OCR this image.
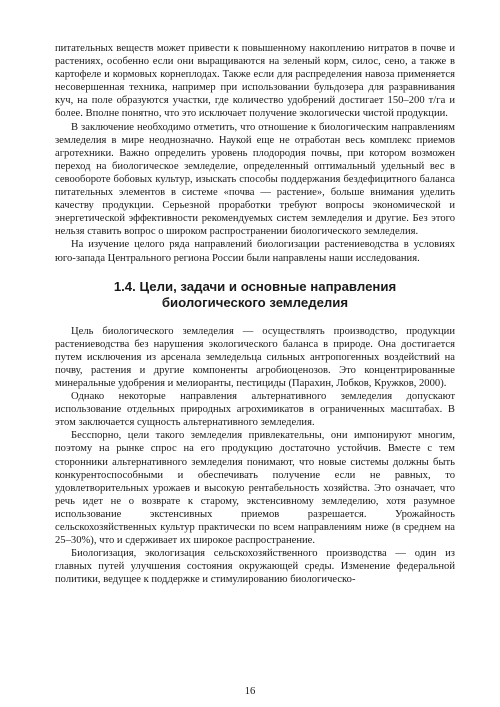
питательных веществ может привести к повышенному накоплению нитратов в почве и растениях, особенно если они выращиваются на зеленый корм, силос, сено, а также в картофеле и кормовых корнеплодах. Также если для распределения навоза применяется несовершенная техника, например при использовании бульдозера для разравнивания куч, на поле образуются участки, где количество удобрений достигает 150–200 т/га и более. Вполне понятно, что это исключает получение экологически чистой продукции.

В заключение необходимо отметить, что отношение к биологическим направлениям земледелия в мире неоднозначно. Наукой еще не отработан весь комплекс приемов агротехники. Важно определить уровень плодородия почвы, при котором возможен переход на биологическое земледелие, определенный оптимальный удельный вес в севообороте бобовых культур, изыскать способы поддержания бездефицитного баланса питательных элементов в системе «почва — растение», больше внимания уделить качеству продукции. Серьезной проработки требуют вопросы экономической и энергетической эффективности рекомендуемых систем земледелия и другие. Без этого нельзя ставить вопрос о широком распространении биологического земледелия.

На изучение целого ряда направлений биологизации растениеводства в условиях юго-запада Центрального региона России были направлены наши исследования.

1.4. Цели, задачи и основные направления
биологического земледелия

Цель биологического земледелия — осуществлять производство, продукции растениеводства без нарушения экологического баланса в природе. Она достигается путем исключения из арсенала земледельца сильных антропогенных воздействий на почву, растения и другие компоненты агробиоценозов. Это концентрированные минеральные удобрения и мелиоранты, пестициды (Парахин, Лобков, Кружков, 2000).

Однако некоторые направления альтернативного земледелия допускают использование отдельных природных агрохимикатов в ограниченных масштабах. В этом заключается сущность альтернативного земледелия.

Бесспорно, цели такого земледелия привлекательны, они импонируют многим, поэтому на рынке спрос на его продукцию достаточно устойчив. Вместе с тем сторонники альтернативного земледелия понимают, что новые системы должны быть конкурентоспособными и обеспечивать получение если не равных, то удовлетворительных урожаев и высокую рентабельность хозяйства. Это означает, что речь идет не о возврате к старому, экстенсивному земледелию, хотя разумное использование экстенсивных приемов разрешается. Урожайность сельскохозяйственных культур практически по всем направлениям ниже (в среднем на 25–30%), что и сдерживает их широкое распространение.

Биологизация, экологизация сельскохозяйственного производства — один из главных путей улучшения состояния окружающей среды. Изменение федеральной политики, ведущее к поддержке и стимулированию биологическо-

16
